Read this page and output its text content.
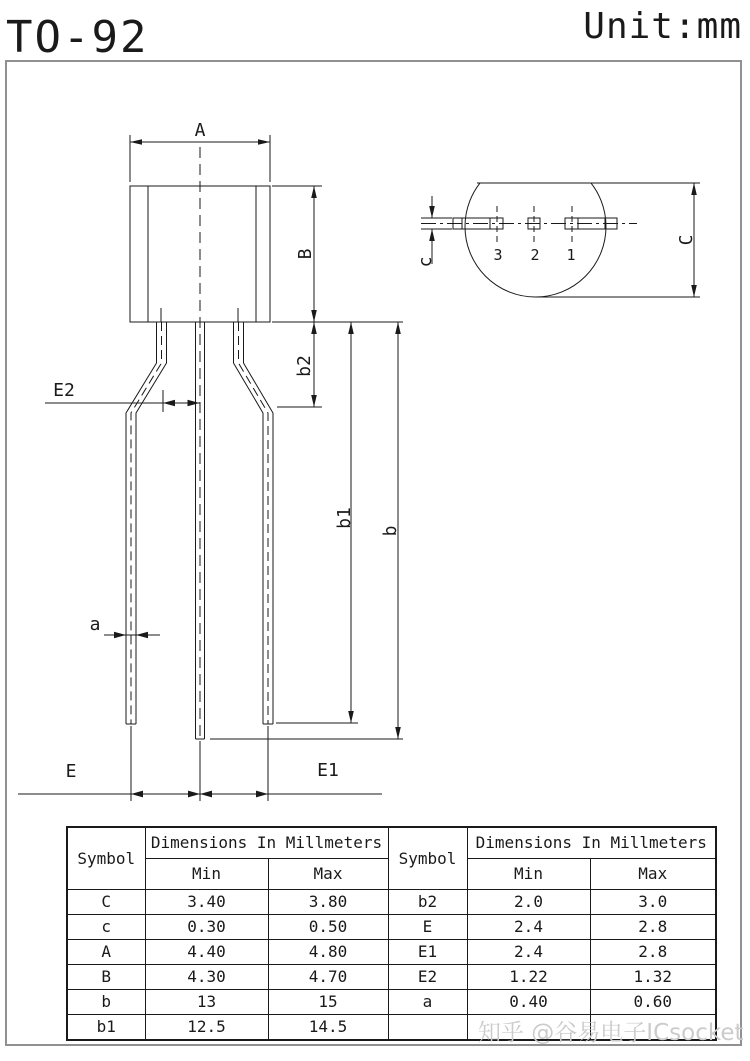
TO-92	Unit:mm
A
B
b2
b1
b
E2
a
E	E1
C
c	3 2 1
Symbol	Dimensions In Millmeters		Symbol	Dimensions In Millmeters	
	Min	Max		Min	Max
C	3.40	3.80	b2	2.0	3.0
c	0.30	0.50	E	2.4	2.8
A	4.40	4.80	E1	2.4	2.8
B	4.30	4.70	E2	1.22	1.32
b	13	15	a	0.40	0.60
b1	12.5	14.5				知乎 @谷易电子ICsocket
